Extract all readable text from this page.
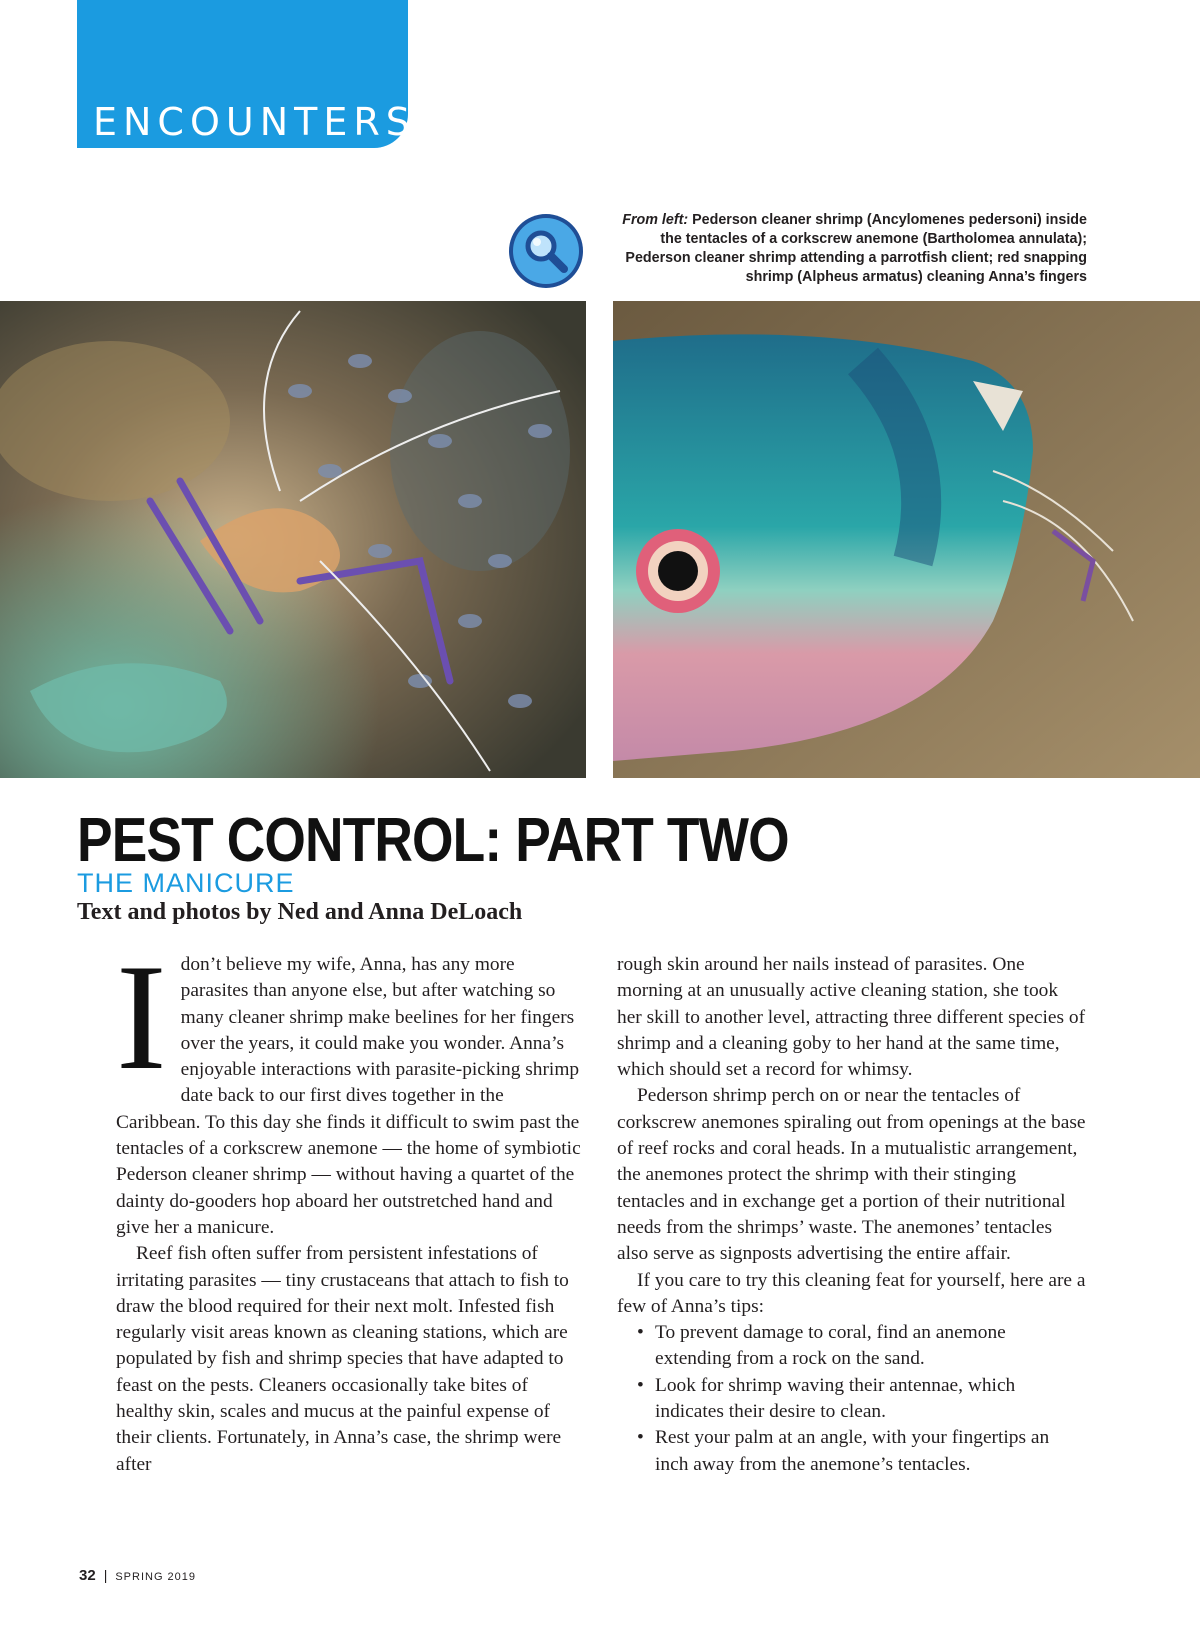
ENCOUNTERS
From left: Pederson cleaner shrimp (Ancylomenes pedersoni) inside the tentacles of a corkscrew anemone (Bartholomea annulata); Pederson cleaner shrimp attending a parrotfish client; red snapping shrimp (Alpheus armatus) cleaning Anna’s fingers
PEST CONTROL: PART TWO
THE MANICURE
Text and photos by Ned and Anna DeLoach

Idon’t believe my wife, Anna, has any more parasites than anyone else, but after watching so many cleaner shrimp make beelines for her fingers over the years, it could make you wonder. Anna’s enjoyable interactions with parasite-picking shrimp date back to our first dives together in the Caribbean. To this day she finds it difficult to swim past the tentacles of a corkscrew anemone — the home of symbiotic Pederson cleaner shrimp — without having a quartet of the dainty do-gooders hop aboard her outstretched hand and give her a manicure.

Reef fish often suffer from persistent infestations of irritating parasites — tiny crustaceans that attach to fish to draw the blood required for their next molt. Infested fish regularly visit areas known as cleaning stations, which are populated by fish and shrimp species that have adapted to feast on the pests. Cleaners occasionally take bites of healthy skin, scales and mucus at the painful expense of their clients. Fortunately, in Anna’s case, the shrimp were after

rough skin around her nails instead of parasites. One morning at an unusually active cleaning station, she took her skill to another level, attracting three different species of shrimp and a cleaning goby to her hand at the same time, which should set a record for whimsy.

Pederson shrimp perch on or near the tentacles of corkscrew anemones spiraling out from openings at the base of reef rocks and coral heads. In a mutualistic arrangement, the anemones protect the shrimp with their stinging tentacles and in exchange get a portion of their nutritional needs from the shrimps’ waste. The anemones’ tentacles also serve as signposts advertising the entire affair.

If you care to try this cleaning feat for yourself, here are a few of Anna’s tips:

• To prevent damage to coral, find an anemone extending from a rock on the sand.
• Look for shrimp waving their antennae, which indicates their desire to clean.
• Rest your palm at an angle, with your fingertips an inch away from the anemone’s tentacles.
32 | SPRING 2019
